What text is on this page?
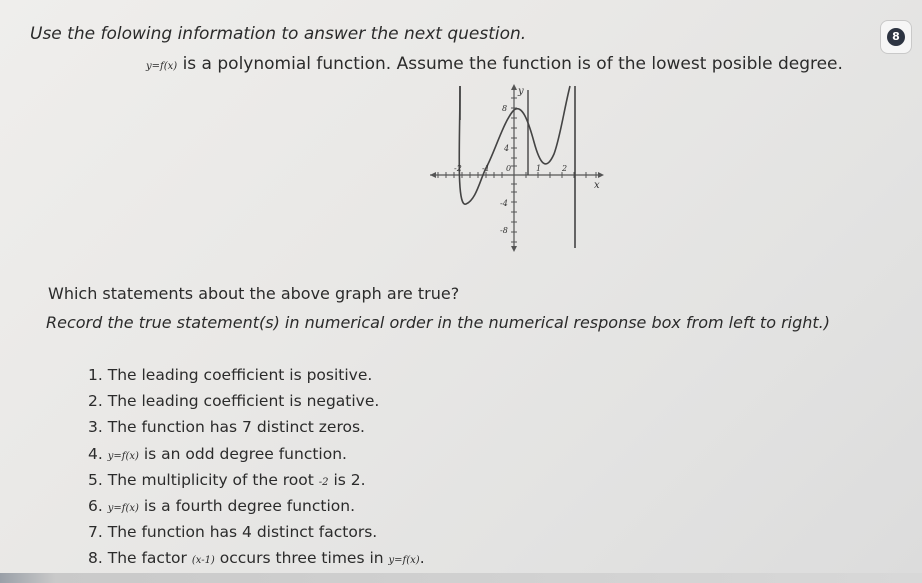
Use the folowing information to answer the next question.
y=f(x) is a polynomial function. Assume the function is of the lowest posible degree.
8
y
x
-2	-1 0	1	2
8
4
-4
-8
Which statements about the above graph are true?
Record the true statement(s) in numerical order in the numerical response box from left to right.)
1. The leading coefficient is positive.
2. The leading coefficient is negative.
3. The function has 7 distinct zeros.
4. y=f(x) is an odd degree function.
5. The multiplicity of the root -2 is 2.
6. y=f(x) is a fourth degree function.
7. The function has 4 distinct factors.
8. The factor (x-1) occurs three times in y=f(x).
